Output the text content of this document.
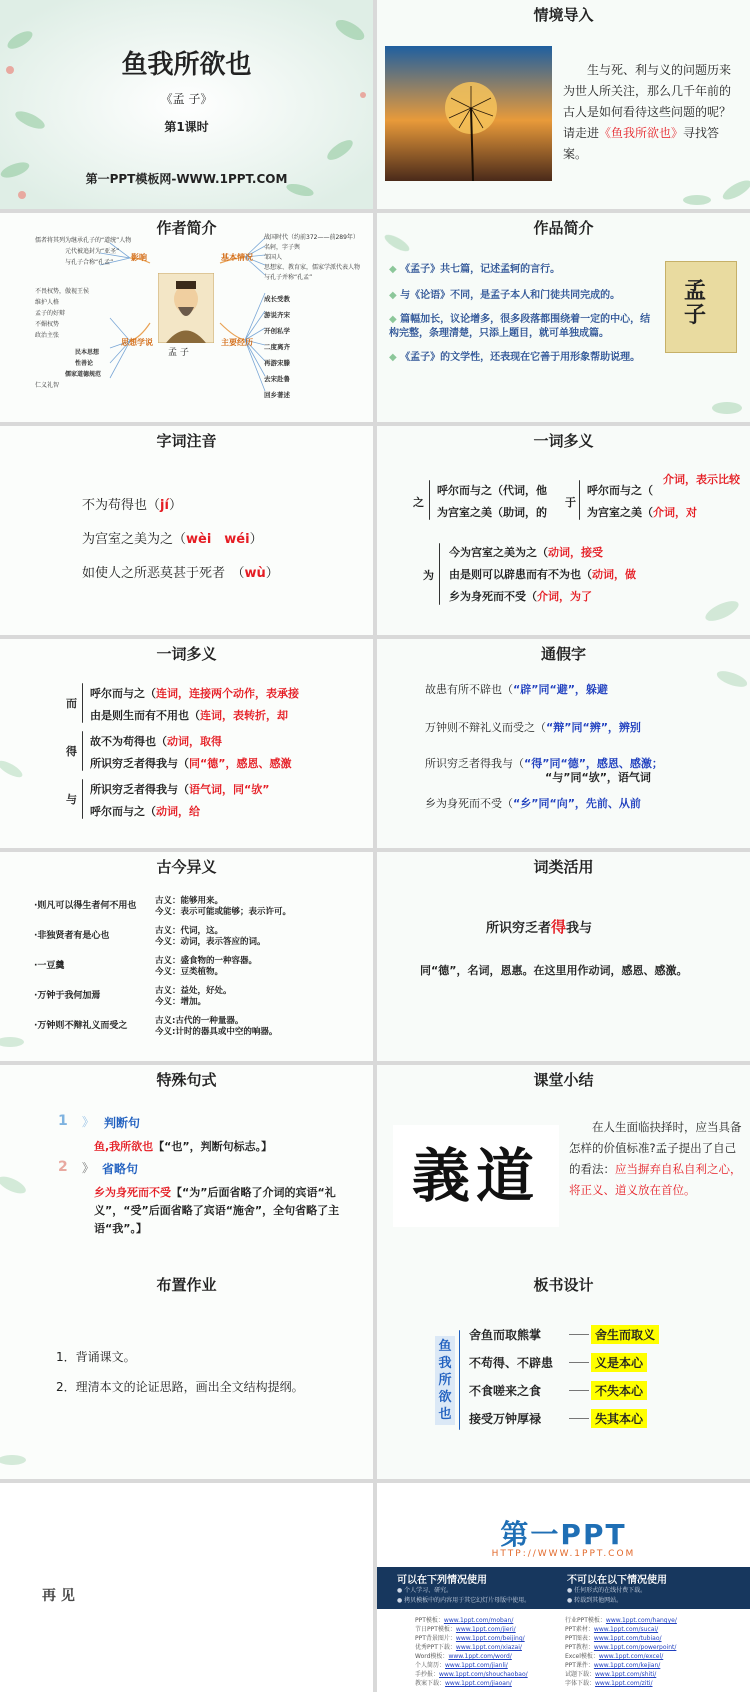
鱼我所欲也
《孟 子》
第1课时
第一PPT模板网-WWW.1PPT.COM
情境导入
生与死、利与义的问题历来为世人所关注，那么几千年前的古人是如何看待这些问题的呢？请走进《鱼我所欲也》寻找答案。
作者简介
孟 子
影响	基本情况
思想学说	主要经历
儒者将其列为继承孔子的“道统”人物
元代被追封为“亚圣”
与孔子合称“孔孟”
不畏权势，傲视王侯
维护人格
孟子的好辩
不媚权势
政治主张
民本思想
性善论
儒家道德规范
仁义礼智
战国时代（约前372——前289年）
名轲，字子舆
邹国人
思想家、教育家，儒家学派代表人物
与孔子并称“孔孟”
成长受教
游说齐宋
开创私学
二度离齐
再游宋滕
去宋赴鲁
回乡著述
作品简介
◆ 《孟子》共七篇，记述孟轲的言行。
◆ 与《论语》不同，是孟子本人和门徒共同完成的。
◆ 篇幅加长，议论增多，很多段落都围绕着一定的中心，结构完整，条理清楚，只添上题目，就可单独成篇。
◆ 《孟子》的文学性，还表现在它善于用形象帮助说理。
孟子
字词注音
不为苟得也（jí）
为宫室之美为之（wèi　wéi）
如使人之所恶莫甚于死者　（wù）
一词多义
之
呼尔而与之（代词，他
为宫室之美（助词，的
于
呼尔而与之（
介词，表示比较
为宫室之美（介词，对
为
今为宫室之美为之（动词，接受
由是则可以辟患而有不为也（动词，做
乡为身死而不受（介词，为了
一词多义
而
呼尔而与之（连词，连接两个动作，表承接
由是则生而有不用也（连词，表转折，却
得
故不为苟得也（动词，取得
所识穷乏者得我与（同“德”，感恩、感激
与
所识穷乏者得我与（语气词，同“欤”
呼尔而与之（动词，给
通假字
故患有所不辟也（“辟”同“避”，躲避
万钟则不辩礼义而受之（“辩”同“辨”，辨别
所识穷乏者得我与（“得”同“德”，感恩、感激；
“与”同“欤”，语气词
乡为身死而不受（“乡”同“向”，先前、从前
古今异义
·则凡可以得生者何不用也 古义：能够用来。
今义：表示可能或能够；表示许可。
·非独贤者有是心也	古义：代词，这。
今义：动词，表示答应的词。
·一豆羹	古义：盛食物的一种容器。
今义：豆类植物。
·万钟于我何加焉	古义：益处，好处。
今义：增加。
·万钟则不辩礼义而受之	古义:古代的一种量器。
今义:计时的器具或中空的响器。
词类活用
所识穷乏者得我与
同“德”，名词，恩惠。在这里用作动词，感恩、感激。
特殊句式
1 》 判断句
鱼,我所欲也【“也”，判断句标志。】
2 》 省略句
乡为身死而不受【“为”后面省略了介词的宾语“礼义”，“受”后面省略了宾语“施舍”，全句省略了主语“我”。】
课堂小结
義道
在人生面临抉择时，应当具备怎样的价值标准?孟子提出了自己的看法：应当摒弃自私自利之心，将正义、道义放在首位。
布置作业
1．背诵课文。
2．理清本文的论证思路，画出全文结构提纲。
板书设计
鱼我所欲也
舍鱼而取熊掌	舍生而取义
不苟得、不辟患	义是本心
不食嗟来之食	不失本心
接受万钟厚禄	失其本心
再 见
第一PPT
HTTP://WWW.1PPT.COM
可以在下列情况使用	不可以在以下情况使用
● 个人学习、研究。
● 拷贝模板中的内容用于其它幻灯片母版中使用。
● 任何形式的在线付费下载。
● 转载到其他网站。
PPT模板：www.1ppt.com/moban/
节日PPT模板：www.1ppt.com/jieri/
PPT背景图片：www.1ppt.com/beijing/
优秀PPT下载：www.1ppt.com/xiazai/
Word模板：www.1ppt.com/word/
个人简历：www.1ppt.com/jianli/
手抄报：www.1ppt.com/shouchaobao/
教案下载：www.1ppt.com/jiaoan/
行业PPT模板：www.1ppt.com/hangye/
PPT素材：www.1ppt.com/sucai/
PPT图表：www.1ppt.com/tubiao/
PPT教程：www.1ppt.com/powerpoint/
Excel模板：www.1ppt.com/excel/
PPT课件：www.1ppt.com/kejian/
试题下载：www.1ppt.com/shiti/
字体下载：www.1ppt.com/ziti/
